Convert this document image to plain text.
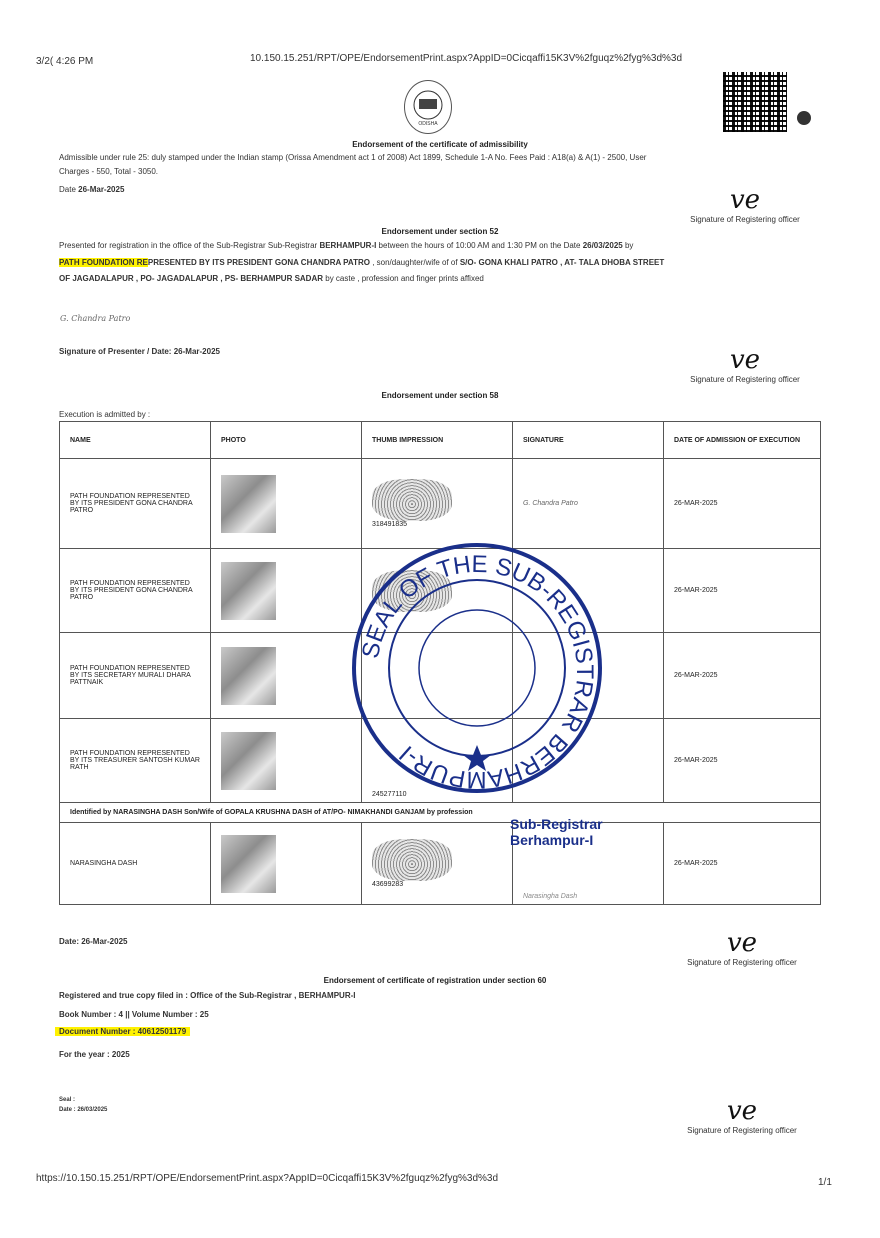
3/2( 4:26 PM	10.150.15.251/RPT/OPE/EndorsementPrint.aspx?AppID=0Cicqaffi15K3V%2fguqz%2fyg%3d%3d
ODISHA
Endorsement of the certificate of admissibility
Admissible under rule 25: duly stamped under the Indian stamp (Orissa Amendment act 1 of 2008) Act 1899, Schedule 1-A No. Fees Paid : A18(a) & A(1) - 2500, User
Charges - 550, Total - 3050.
Date 26-Mar-2025	ve
Signature of Registering officer
Endorsement under section 52
Presented for registration in the office of the Sub-Registrar Sub-Registrar BERHAMPUR-I between the hours of 10:00 AM and 1:30 PM on the Date 26/03/2025 by
PATH FOUNDATION REPRESENTED BY ITS PRESIDENT GONA CHANDRA PATRO , son/daughter/wife of of S/O- GONA KHALI PATRO , AT- TALA DHOBA STREET
OF JAGADALAPUR , PO- JAGADALAPUR , PS- BERHAMPUR SADAR by caste , profession and finger prints affixed
G. Chandra Patro
Signature of Presenter / Date: 26-Mar-2025	ve
Signature of Registering officer
Endorsement under section 58
Execution is admitted by :
NAME	PHOTO	THUMB IMPRESSION	SIGNATURE	DATE OF ADMISSION OF EXECUTION
PATH FOUNDATION REPRESENTED BY ITS PRESIDENT GONA CHANDRA PATRO		318491835	G. Chandra Patro	26-MAR-2025
PATH FOUNDATION REPRESENTED BY ITS PRESIDENT GONA CHANDRA PATRO				26-MAR-2025
PATH FOUNDATION REPRESENTED BY ITS SECRETARY MURALI DHARA PATTNAIK				26-MAR-2025
PATH FOUNDATION REPRESENTED BY ITS TREASURER SANTOSH KUMAR RATH		245277110		26-MAR-2025
Identified by NARASINGHA DASH Son/Wife of GOPALA KRUSHNA DASH of AT/PO- NIMAKHANDI GANJAM by profession				
NARASINGHA DASH		43699283	Narasingha Dash	26-MAR-2025
SEAL OF THE SUB-REGISTRAR BERHAMPUR-I
Sub-Registrar
Berhampur-I
Date: 26-Mar-2025	ve
Signature of Registering officer
Endorsement of certificate of registration under section 60
Registered and true copy filed in : Office of the Sub-Registrar , BERHAMPUR-I
Book Number : 4 || Volume Number : 25
Document Number : 40612501179
For the year : 2025
Seal :
Date : 26/03/2025	ve
Signature of Registering officer
https://10.150.15.251/RPT/OPE/EndorsementPrint.aspx?AppID=0Cicqaffi15K3V%2fguqz%2fyg%3d%3d	1/1
